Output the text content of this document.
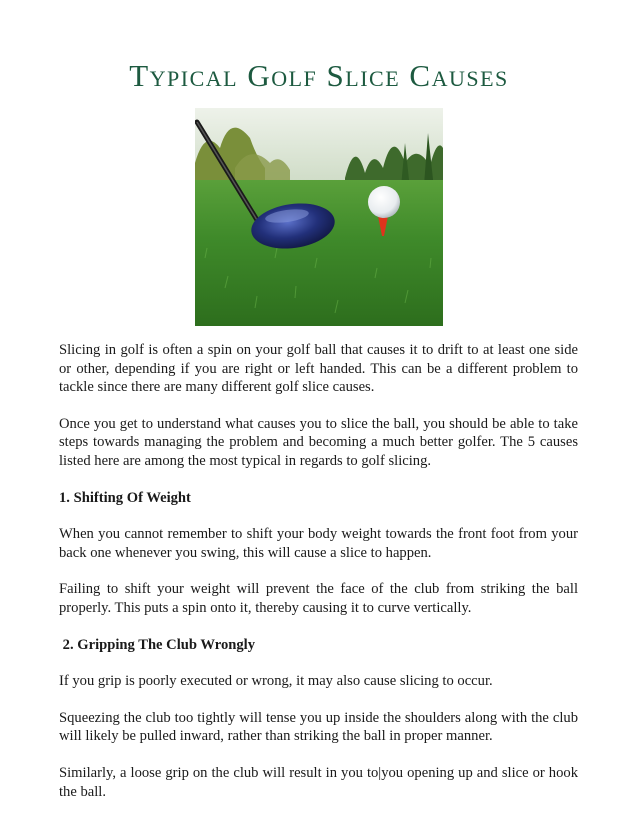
Typical Golf Slice Causes

Slicing in golf is often a spin on your golf ball that causes it to drift to at least one side or other, depending if you are right or left handed. This can be a different problem to tackle since there are many different golf slice causes.

Once you get to understand what causes you to slice the ball, you should be able to take steps towards managing the problem and becoming a much better golfer. The 5 causes listed here are among the most typical in regards to golf slicing.

1. Shifting Of Weight

When you cannot remember to shift your body weight towards the front foot from your back one whenever you swing, this will cause a slice to happen.

Failing to shift your weight will prevent the face of the club from striking the ball properly. This puts a spin onto it, thereby causing it to curve vertically.

2. Gripping The Club Wrongly

If you grip is poorly executed or wrong, it may also cause slicing to occur.

Squeezing the club too tightly will tense you up inside the shoulders along with the club will likely be pulled inward, rather than striking the ball in proper manner.

Similarly, a loose grip on the club will result in you to|you opening up and slice or hook the ball.
